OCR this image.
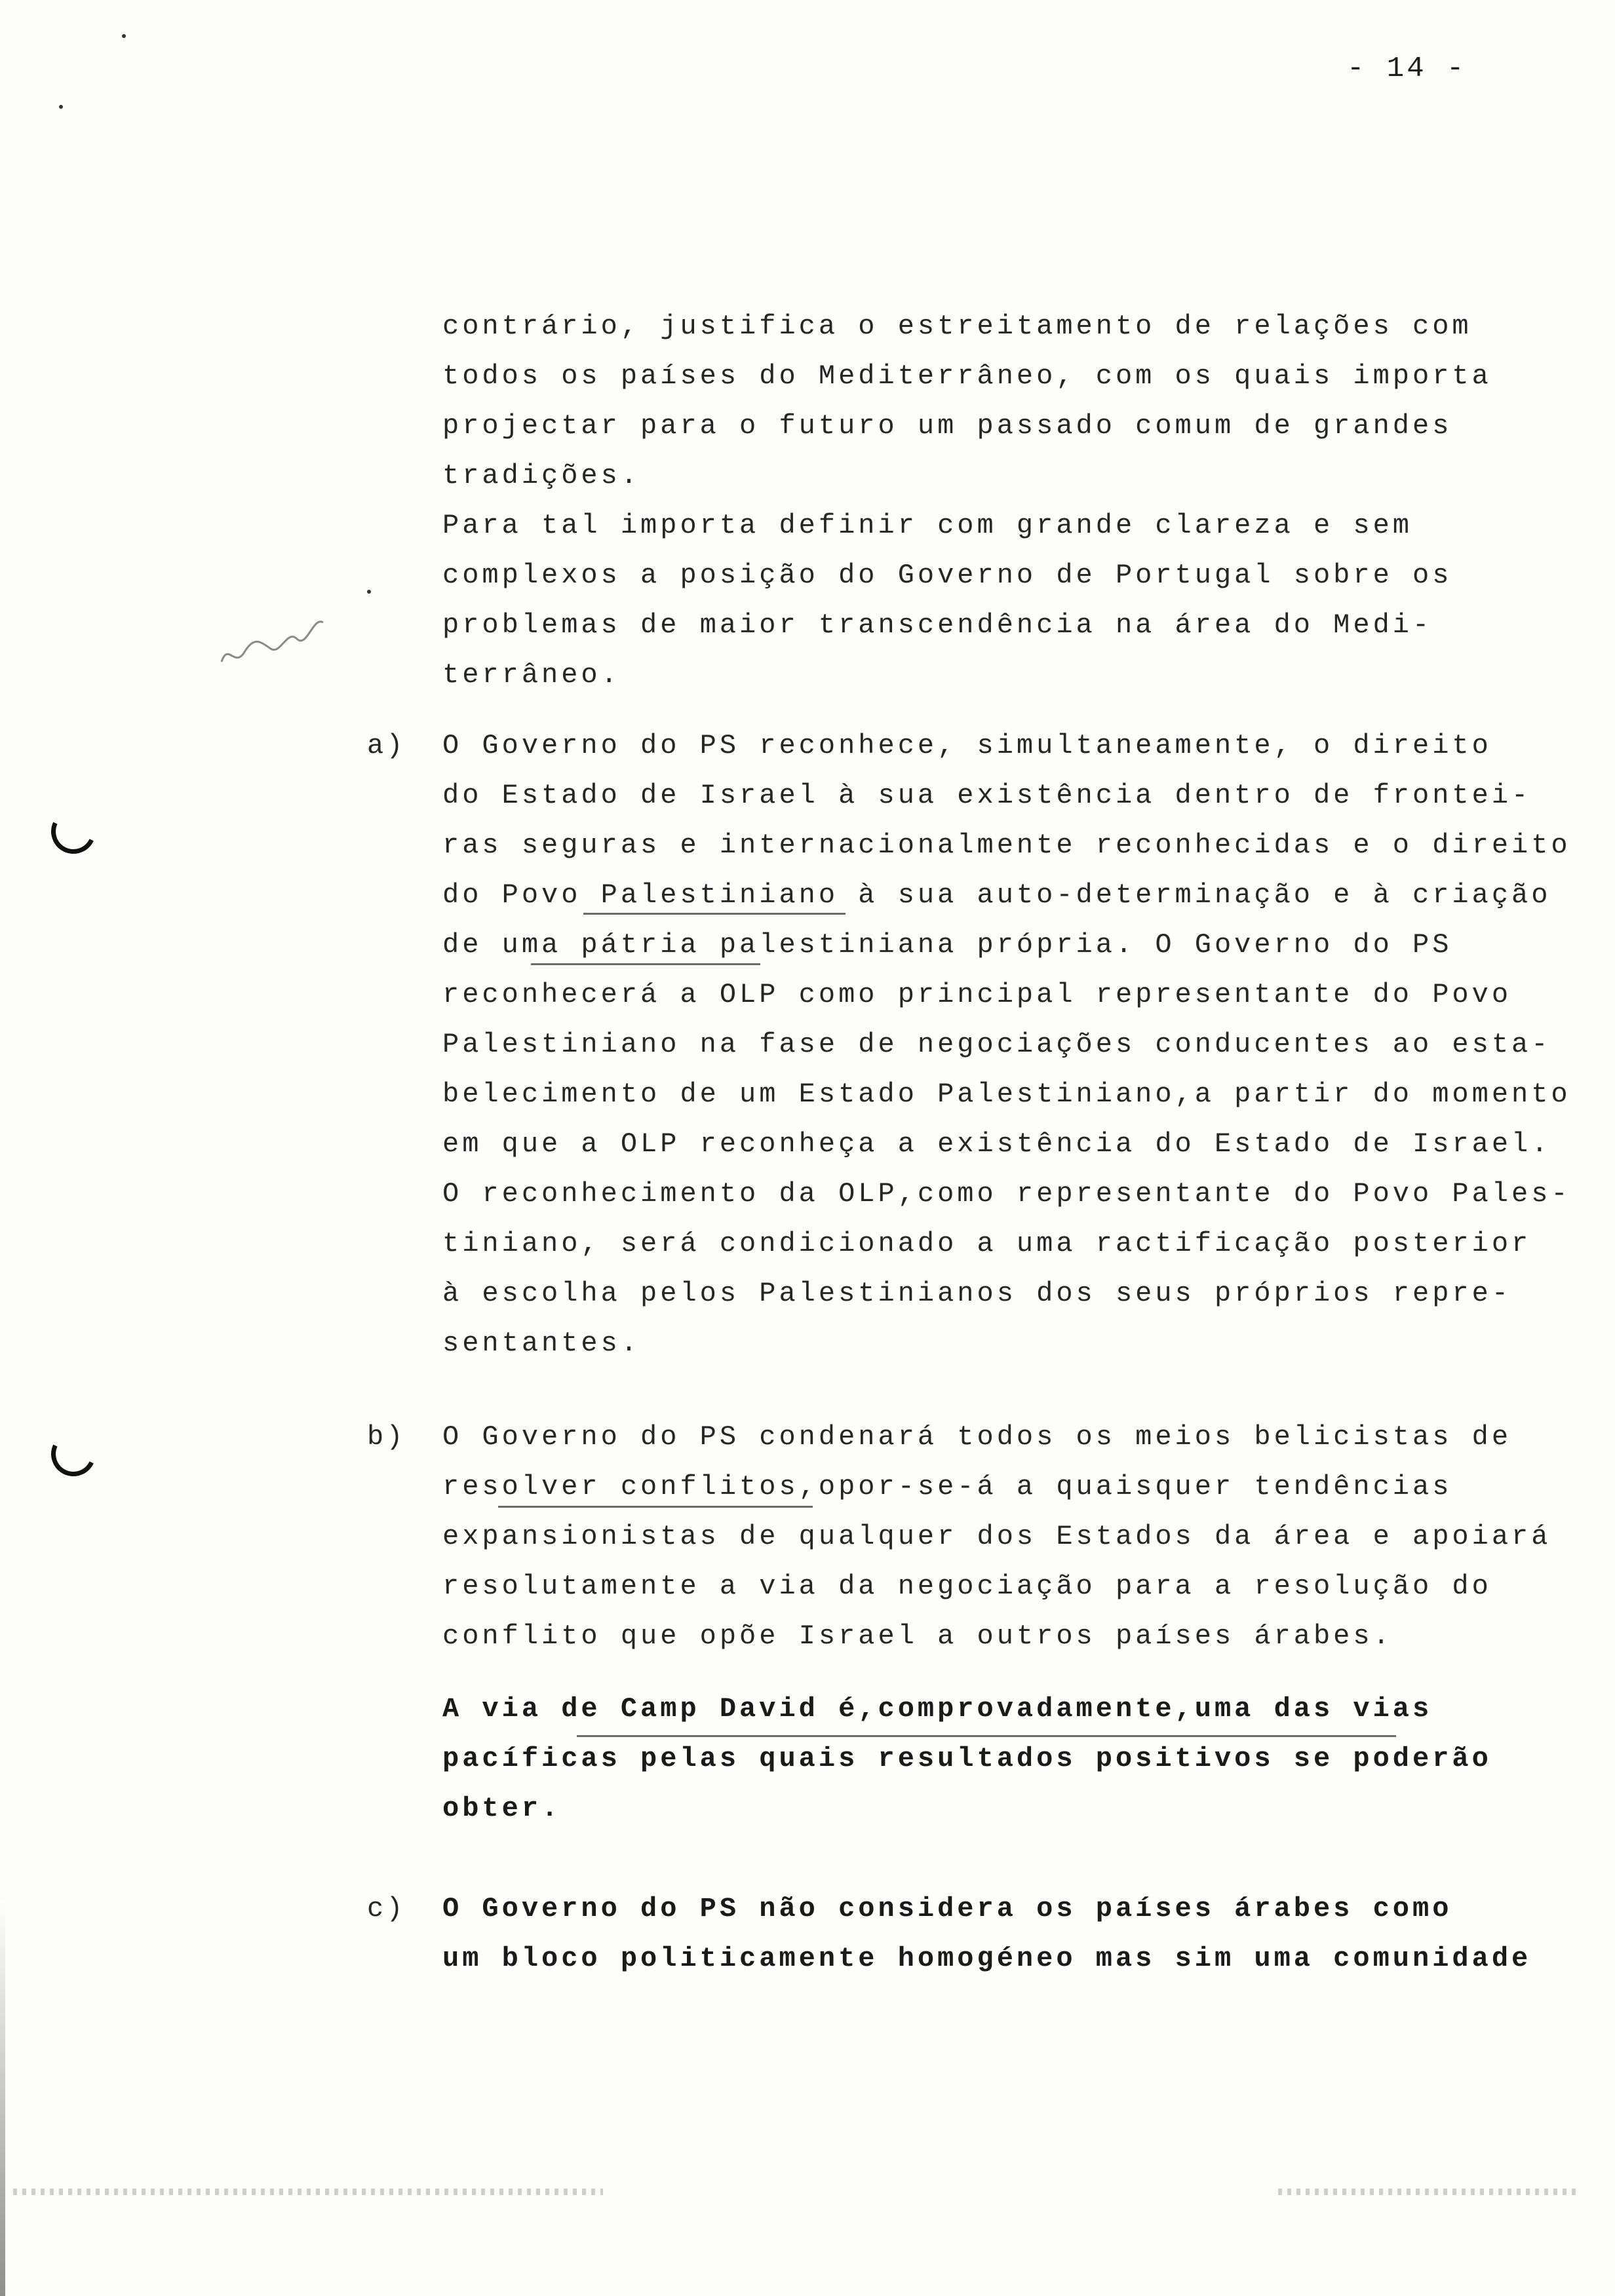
- 14 -
contrário, justifica o estreitamento de relações com
todos os países do Mediterrâneo, com os quais importa
projectar para o futuro um passado comum de grandes
tradições.
Para tal importa definir com grande clareza e sem
complexos a posição do Governo de Portugal sobre os
problemas de maior transcendência na área do Medi-
terrâneo.
a) O Governo do PS reconhece, simultaneamente, o direito
do Estado de Israel à sua existência dentro de frontei-
ras seguras e internacionalmente reconhecidas e o direito
do Povo Palestiniano à sua auto-determinação e à criação
de uma pátria palestiniana própria. O Governo do PS
reconhecerá a OLP como principal representante do Povo
Palestiniano na fase de negociações conducentes ao esta-
belecimento de um Estado Palestiniano,a partir do momento
em que a OLP reconheça a existência do Estado de Israel.
O reconhecimento da OLP,como representante do Povo Pales-
tiniano, será condicionado a uma ractificação posterior
à escolha pelos Palestinianos dos seus próprios repre-
sentantes.
b) O Governo do PS condenará todos os meios belicistas de
resolver conflitos,opor-se-á a quaisquer tendências
expansionistas de qualquer dos Estados da área e apoiará
resolutamente a via da negociação para a resolução do
conflito que opõe Israel a outros países árabes.
A via de Camp David é,comprovadamente,uma das vias
pacíficas pelas quais resultados positivos se poderão
obter.
c) O Governo do PS não considera os países árabes como
um bloco politicamente homogéneo mas sim uma comunidade
